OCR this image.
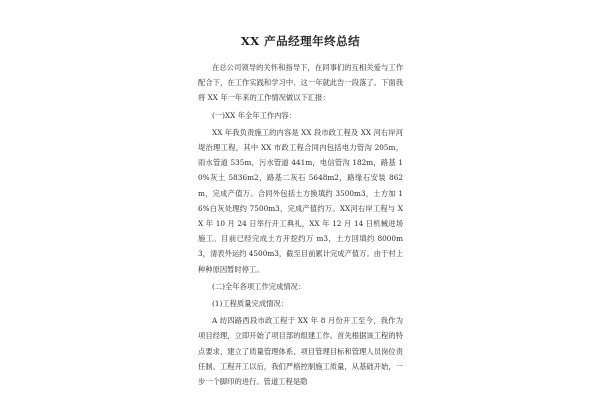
XX 产品经理年终总结

在总公司领导的关怀和指导下，在同事们的互相关爱与工作配合下，在工作实践和学习中、这一年就此告一段落了。下面我将 XX 年一年来的工作情况做以下汇报：

(一)XX 年全年工作内容：

XX 年我负责施工的内容是 XX 段市政工程及 XX 河右岸河堤治理工程，其中 XX 市政工程合同内包括电力管沟 205m，雨水管道 535m，污水管道 441m，电信管沟 182m，路基 10%灰土 5836m2，路基二灰石 5648m2，路缘石安装 862m，完成产值万。合同外包括土方换填约 3500m3，土方加 16%白灰处理约 7500m3，完成产值约万。XX河右岸工程与 XX 年 10 月 24 日举行开工典礼，XX 年 12 月 14 日机械进场施工。目前已经完成土方开挖约万 m3，土方回填约 8000m3，清表外运约 4500m3，截至目前累计完成产值万。由于村上种种原因暂时停工。

(二)全年各项工作完成情况：

(1)工程质量完成情况：

A 纺四路西段市政工程于 XX 年 8 月份开工至今，我作为项目经理，立即开始了项目部的组建工作。首先根据该工程的特点要求，建立了质量管理体系、项目管理目标和管理人员岗位责任制。工程开工以后，我们严格控制施工质量，从基础开始，一步一个脚印的进行。管道工程是隐
